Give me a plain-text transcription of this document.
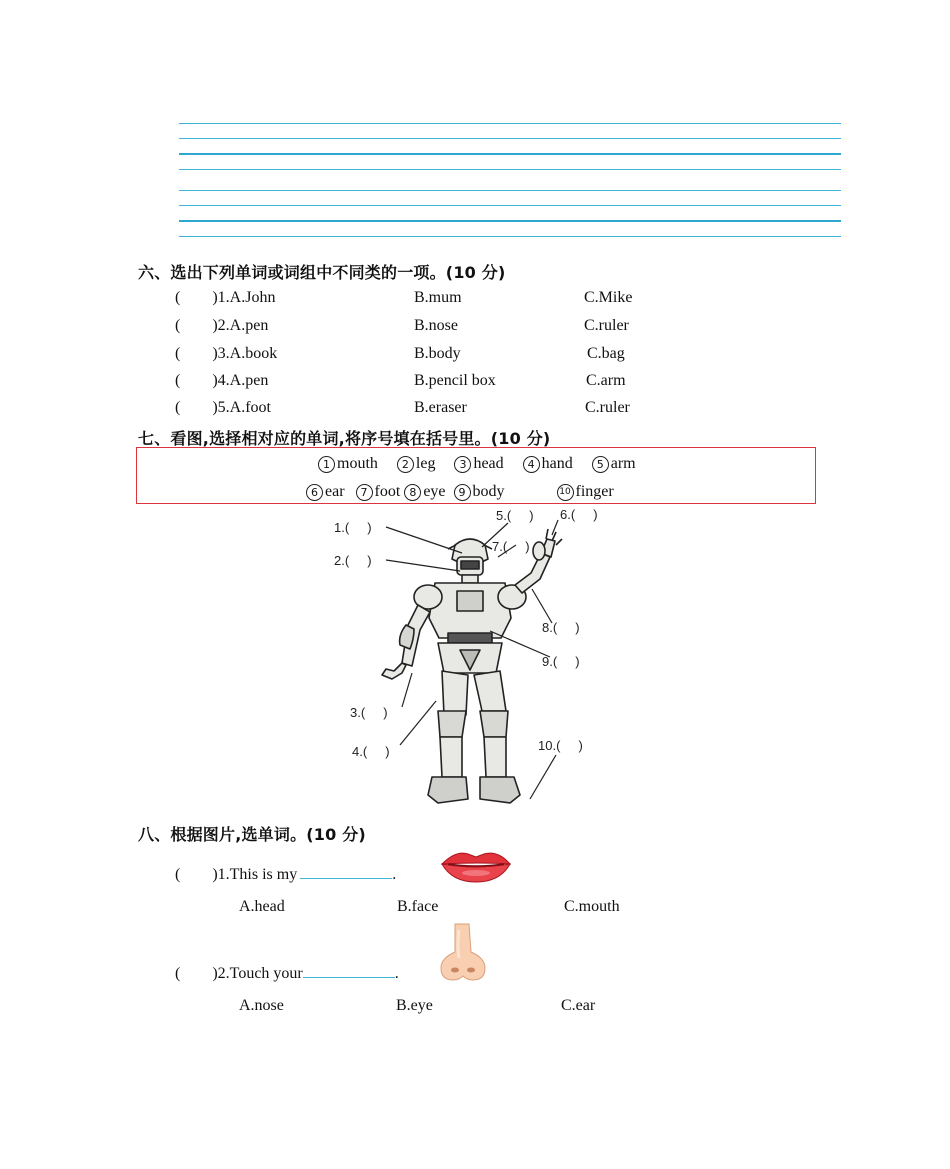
六、选出下列单词或词组中不同类的一项。(10 分)
(        )1.A.John	B.mum	C.Mike
(        )2.A.pen	B.nose	C.ruler
(        )3.A.book	B.body	C.bag
(        )4.A.pen	B.pencil box	C.arm
(        )5.A.foot	B.eraser	C.ruler
七、看图,选择相对应的单词,将序号填在括号里。(10 分)
1 mouth	2 leg	3 head	4 hand	5 arm
6 ear	7 foot 8 eye	9 body	10 finger
1.(     )
2.(     )
3.(     )
4.(     )
5.(     ) 6.(     )
7.(     )
8.(     )
9.(     )
10.(     )
八、根据图片,选单词。(10 分)
(        )1.This is my	.
A.head	B.face	C.mouth
(        )2.Touch your	.
A.nose	B.eye	C.ear
